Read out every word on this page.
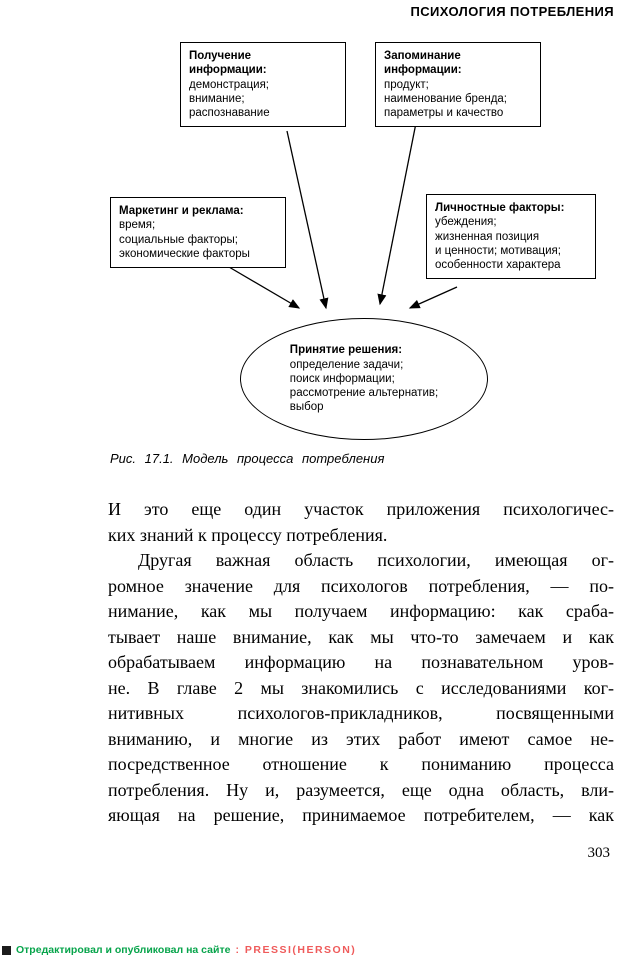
ПСИХОЛОГИЯ ПОТРЕБЛЕНИЯ
Получение информации:
демонстрация;
внимание;
распознавание
Запоминание информации:
продукт;
наименование бренда;
параметры и качество
Маркетинг и реклама:
время;
социальные факторы;
экономические факторы
Личностные факторы:
убеждения;
жизненная позиция
и ценности; мотивация;
особенности характера
Принятие решения:
определение задачи;
поиск информации;
рассмотрение альтернатив;
выбор
Рис. 17.1. Модель процесса потребления
И это еще один участок приложения психологичес-
ких знаний к процессу потребления.
Другая важная область психологии, имеющая ог-
ромное значение для психологов потребления, — по-
нимание, как мы получаем информацию: как сраба-
тывает наше внимание, как мы что-то замечаем и как
обрабатываем информацию на познавательном уров-
не. В главе 2 мы знакомились с исследованиями ког-
нитивных психологов-прикладников, посвященными
вниманию, и многие из этих работ имеют самое не-
посредственное отношение к пониманию процесса
потребления. Ну и, разумеется, еще одна область, вли-
яющая на решение, принимаемое потребителем, — как
303
Отредактировал и опубликовал на сайте : PRESSI(HERSON)
